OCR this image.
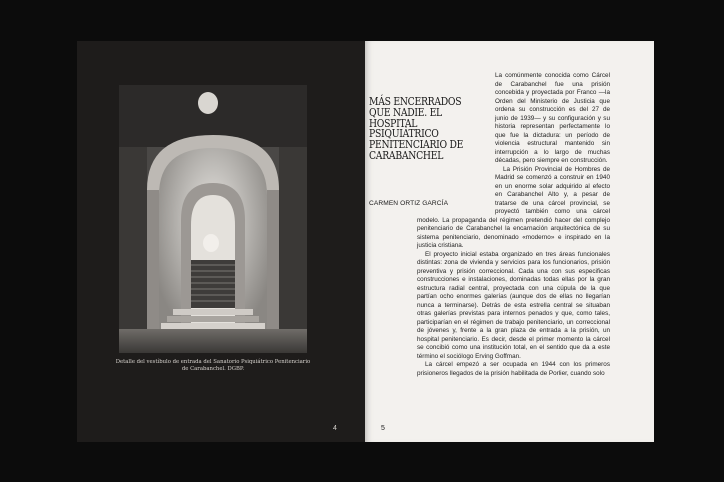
Detalle del vestíbulo de entrada del Sanatorio Psiquiátrico Penitenciario de Carabanchel. DGBP.
4
MÁS ENCERRADOS QUE NADIE. EL HOSPITAL PSIQUIÁTRICO PENITENCIARIO DE CARABANCHEL
CARMEN ORTIZ GARCÍA

La comúnmente conocida como Cárcel de Carabanchel fue una prisión concebida y proyectada por Franco —la Orden del Ministerio de Justicia que ordena su construcción es del 27 de junio de 1939— y su configuración y su historia representan perfectamente lo que fue la dictadura: un período de violencia estructural mantenido sin interrupción a lo largo de muchas décadas, pero siempre en construcción.

La Prisión Provincial de Hombres de Madrid se comenzó a construir en 1940 en un enorme solar adquirido al efecto en Carabanchel Alto y, a pesar de tratarse de una cárcel provincial, se proyectó también como una cárcel modelo. La propaganda del régimen pretendió hacer del complejo penitenciario de Carabanchel la encarnación arquitectónica de su sistema penitenciario, denominado «moderno» e inspirado en la justicia cristiana.

El proyecto inicial estaba organizado en tres áreas funcionales distintas: zona de vivienda y servicios para los funcionarios, prisión preventiva y prisión correccional. Cada una con sus especificas construcciones e instalaciones, dominadas todas ellas por la gran estructura radial central, proyectada con una cúpula de la que partían ocho enormes galerías (aunque dos de ellas no llegarían nunca a terminarse). Detrás de esta estrella central se situaban otras galerías previstas para internos penados y que, como tales, participarían en el régimen de trabajo penitenciario, un correccional de jóvenes y, frente a la gran plaza de entrada a la prisión, un hospital penitenciario. Es decir, desde el primer momento la cárcel se concibió como una institución total, en el sentido que da a este término el sociólogo Erving Goffman.

La cárcel empezó a ser ocupada en 1944 con los primeros prisioneros llegados de la prisión habilitada de Porlier, cuando solo

5
